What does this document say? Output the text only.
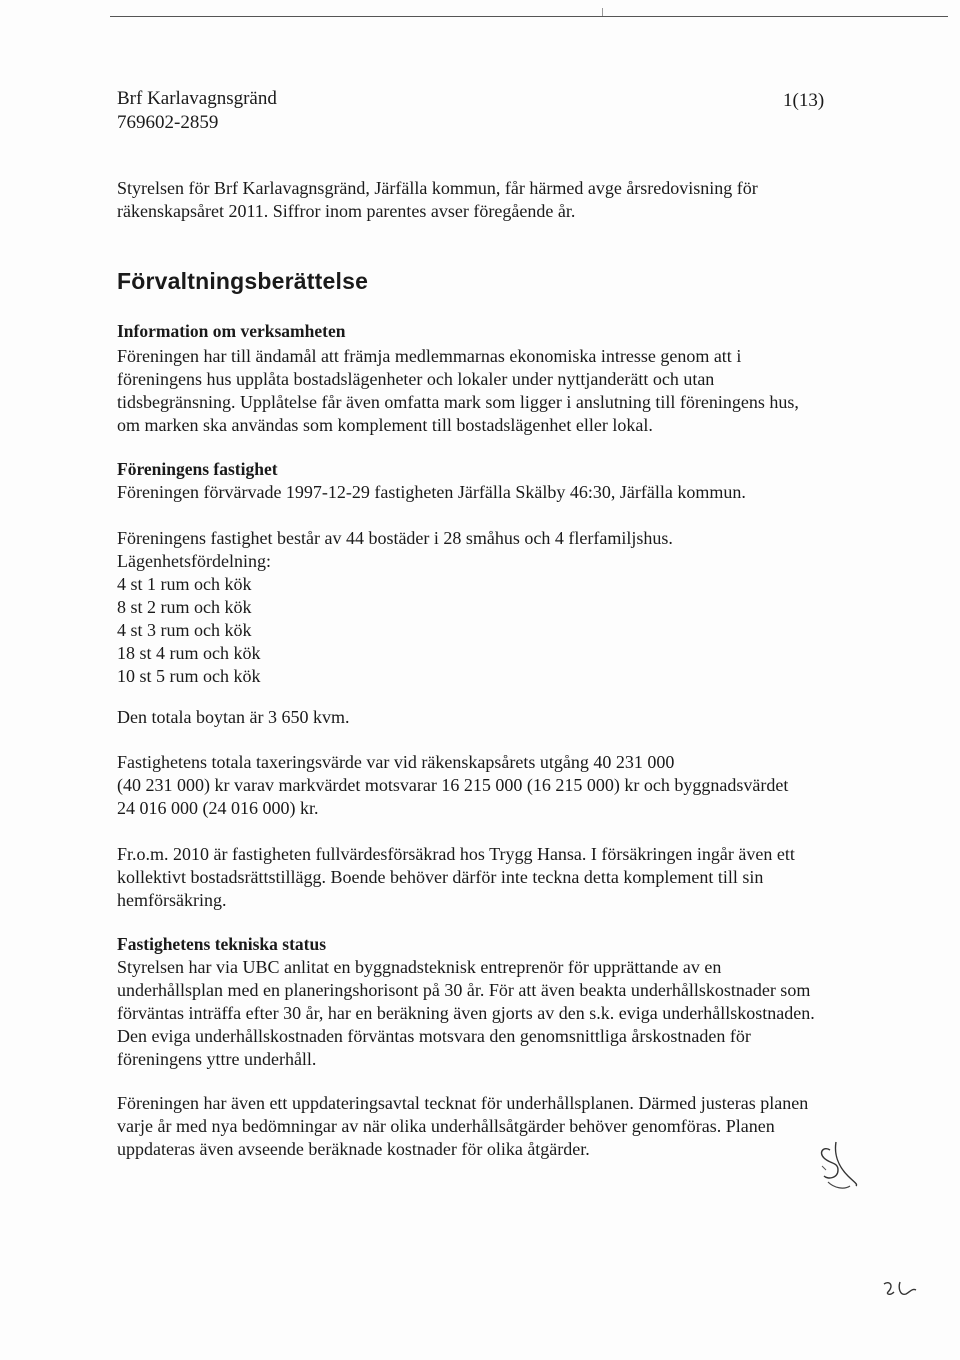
Brf Karlavagnsgränd
769602-2859
1(13)
Styrelsen för Brf Karlavagnsgränd, Järfälla kommun, får härmed avge årsredovisning för
räkenskapsåret 2011. Siffror inom parentes avser föregående år.
Förvaltningsberättelse
Information om verksamheten
Föreningen har till ändamål att främja medlemmarnas ekonomiska intresse genom att i
föreningens hus upplåta bostadslägenheter och lokaler under nyttjanderätt och utan
tidsbegränsning. Upplåtelse får även omfatta mark som ligger i anslutning till föreningens hus,
om marken ska användas som komplement till bostadslägenhet eller lokal.
Föreningens fastighet
Föreningen förvärvade 1997-12-29 fastigheten Järfälla Skälby 46:30, Järfälla kommun.
Föreningens fastighet består av 44 bostäder i 28 småhus och 4 flerfamiljshus.
Lägenhetsfördelning:
4 st 1 rum och kök
8 st 2 rum och kök
4 st 3 rum och kök
18 st 4 rum och kök
10 st 5 rum och kök
Den totala boytan är 3 650 kvm.
Fastighetens totala taxeringsvärde var vid räkenskapsårets utgång 40 231 000
(40 231 000) kr varav markvärdet motsvarar 16 215 000 (16 215 000) kr och byggnadsvärdet
24 016 000 (24 016 000) kr.
Fr.o.m. 2010 är fastigheten fullvärdesförsäkrad hos Trygg Hansa. I försäkringen ingår även ett
kollektivt bostadsrättstillägg. Boende behöver därför inte teckna detta komplement till sin
hemförsäkring.
Fastighetens tekniska status
Styrelsen har via UBC anlitat en byggnadsteknisk entreprenör för upprättande av en
underhållsplan med en planeringshorisont på 30 år. För att även beakta underhållskostnader som
förväntas inträffa efter 30 år, har en beräkning även gjorts av den s.k. eviga underhållskostnaden.
Den eviga underhållskostnaden förväntas motsvara den genomsnittliga årskostnaden för
föreningens yttre underhåll.
Föreningen har även ett uppdateringsavtal tecknat för underhållsplanen. Därmed justeras planen
varje år med nya bedömningar av när olika underhållsåtgärder behöver genomföras. Planen
uppdateras även avseende beräknade kostnader för olika åtgärder.
